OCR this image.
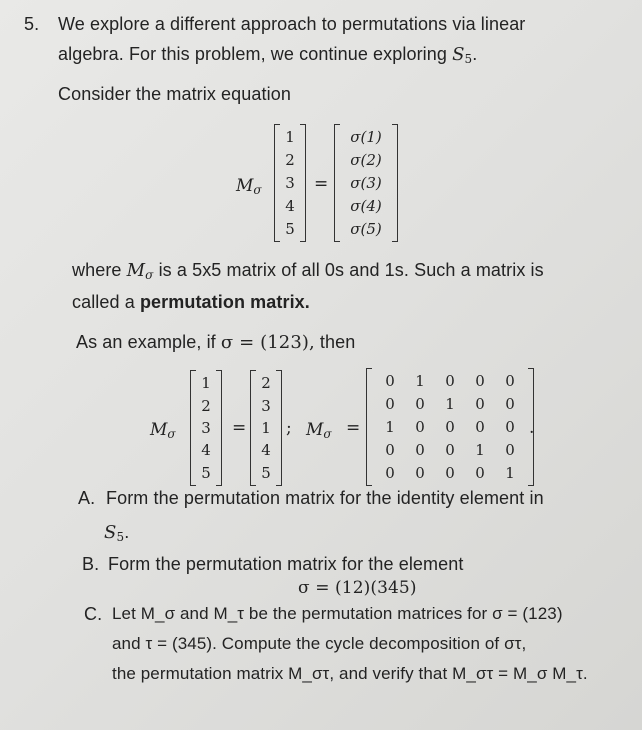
5. We explore a different approach to permutations via linear
algebra. For this problem, we continue exploring $S_5$.
Consider the matrix equation
$M_\sigma$
1
2
3
4
5
=
σ(1)
σ(2)
σ(3)
σ(4)
σ(5)
where $M_\sigma$ is a 5x5 matrix of all 0s and 1s. Such a matrix is
called a permutation matrix.
As an example, if σ = (123), then
$M_\sigma$
1
2
3
4
5
=
2
3
1
4
5
; $M_\sigma$ =
0 1 0 0 0
0 0 1 0 0
1 0 0 0 0
0 0 0 1 0
0 0 0 0 1
.
A. Form the permutation matrix for the identity element in
$S_5$.
B. Form the permutation matrix for the element
σ = (12)(345)
C. Let M_σ and M_τ be the permutation matrices for σ = (123)
and τ = (345). Compute the cycle decomposition of στ,
the permutation matrix M_στ, and verify that M_στ = M_σ M_τ.
